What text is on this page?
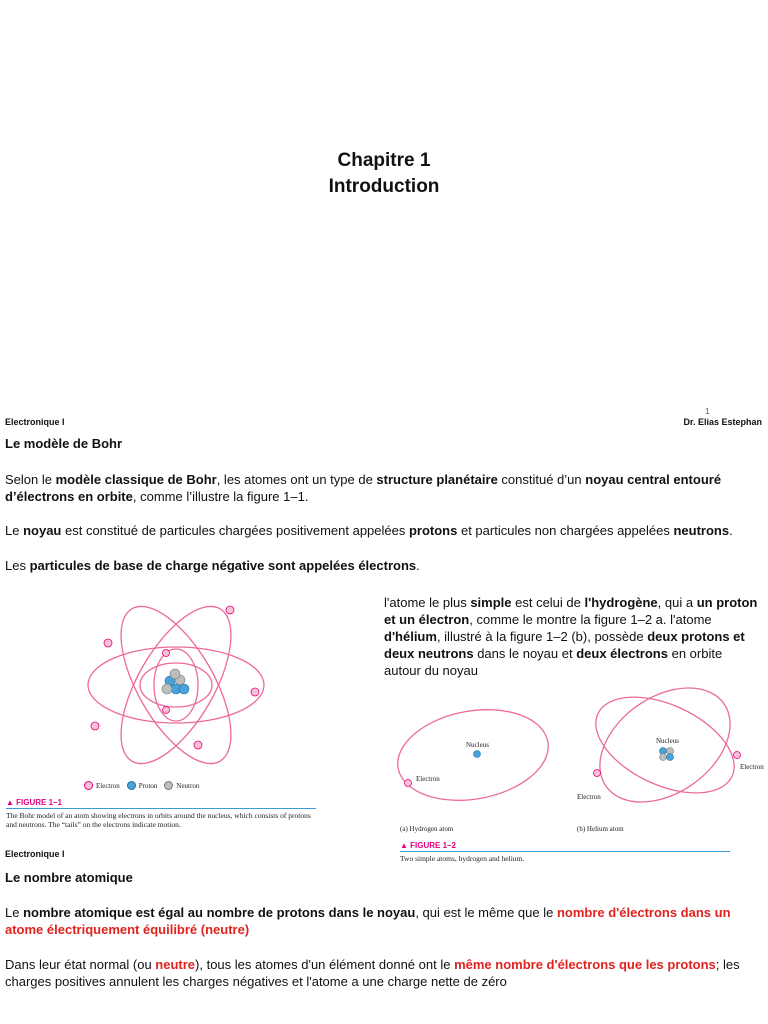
Chapitre 1
Introduction
1
Electronique I	Dr. Elias Estephan
Le modèle de Bohr
Selon le modèle classique de Bohr, les atomes ont un type de structure planétaire constitué d’un noyau central entouré d’électrons en orbite, comme l’illustre la figure 1–1.
Le noyau est constitué de particules chargées positivement appelées protons et particules non chargées appelées neutrons.
Les particules de base de charge négative sont appelées électrons.
Electron	Proton	Neutron
▲ FIGURE 1–1
The Bohr model of an atom showing electrons in orbits around the nucleus, which consists of protons and neutrons. The “tails” on the electrons indicate motion.
l'atome le plus simple est celui de l'hydrogène, qui a un proton et un électron, comme le montre la figure 1–2 a. l'atome d'hélium, illustré à la figure 1–2 (b), possède deux protons et deux neutrons dans le noyau et deux électrons en orbite autour du noyau
Nucleus
Electron
Nucleus
Electron
Electron
(a) Hydrogen atom	(b) Helium atom
▲ FIGURE 1–2
Two simple atoms, hydrogen and helium.
Electronique I
Le nombre atomique
Le nombre atomique est égal au nombre de protons dans le noyau, qui est le même que le nombre d'électrons dans un atome électriquement équilibré (neutre)
Dans leur état normal (ou neutre), tous les atomes d'un élément donné ont le même nombre d'électrons que les protons; les charges positives annulent les charges négatives et l'atome a une charge nette de zéro
